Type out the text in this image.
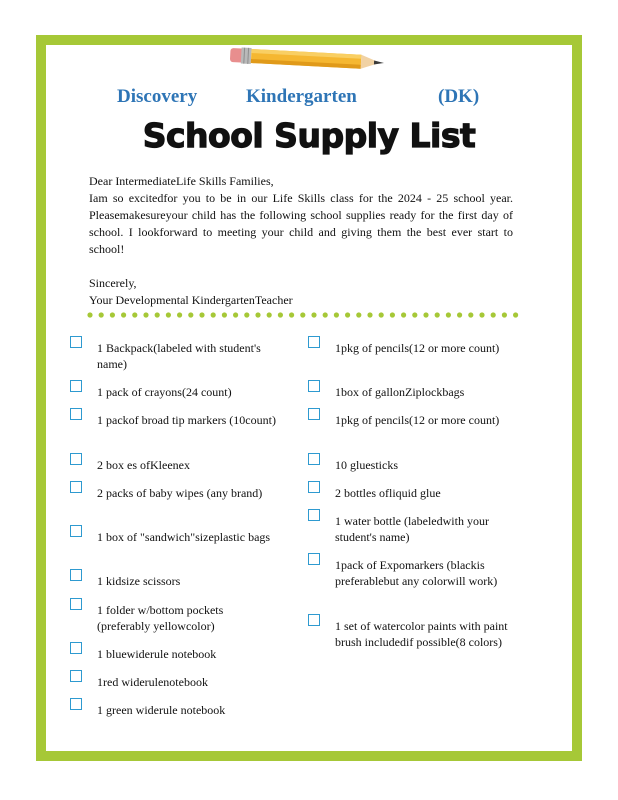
Discovery	Kindergarten	(DK)
School Supply List

Dear IntermediateLife Skills Families,

Iam so excitedfor you to be in our Life Skills class for the 2024 - 25 school year. Pleasemakesureyour child has the following school supplies ready for the first day of school. I lookforward to meeting your child and giving them the best ever start to school!

Sincerely,

Your Developmental KindergartenTeacher

1 Backpack(labeled with student's name)
1 pack of crayons(24 count)
1 packof broad tip markers (10count)
2 box es ofKleenex
2 packs of baby wipes (any brand)
1 box of "sandwich"sizeplastic bags
1 kidsize scissors
1 folder w/bottom pockets (preferably yellowcolor)
1 bluewiderule notebook
1red widerulenotebook
1 green widerule notebook
1pkg of pencils(12 or more count)
1box of gallonZiplockbags
1pkg of pencils(12 or more count)
10 gluesticks
2 bottles ofliquid glue
1 water bottle (labeledwith your student's name)
1pack of Expomarkers (blackis preferablebut any colorwill work)
1 set of watercolor paints with paint brush includedif possible(8 colors)
